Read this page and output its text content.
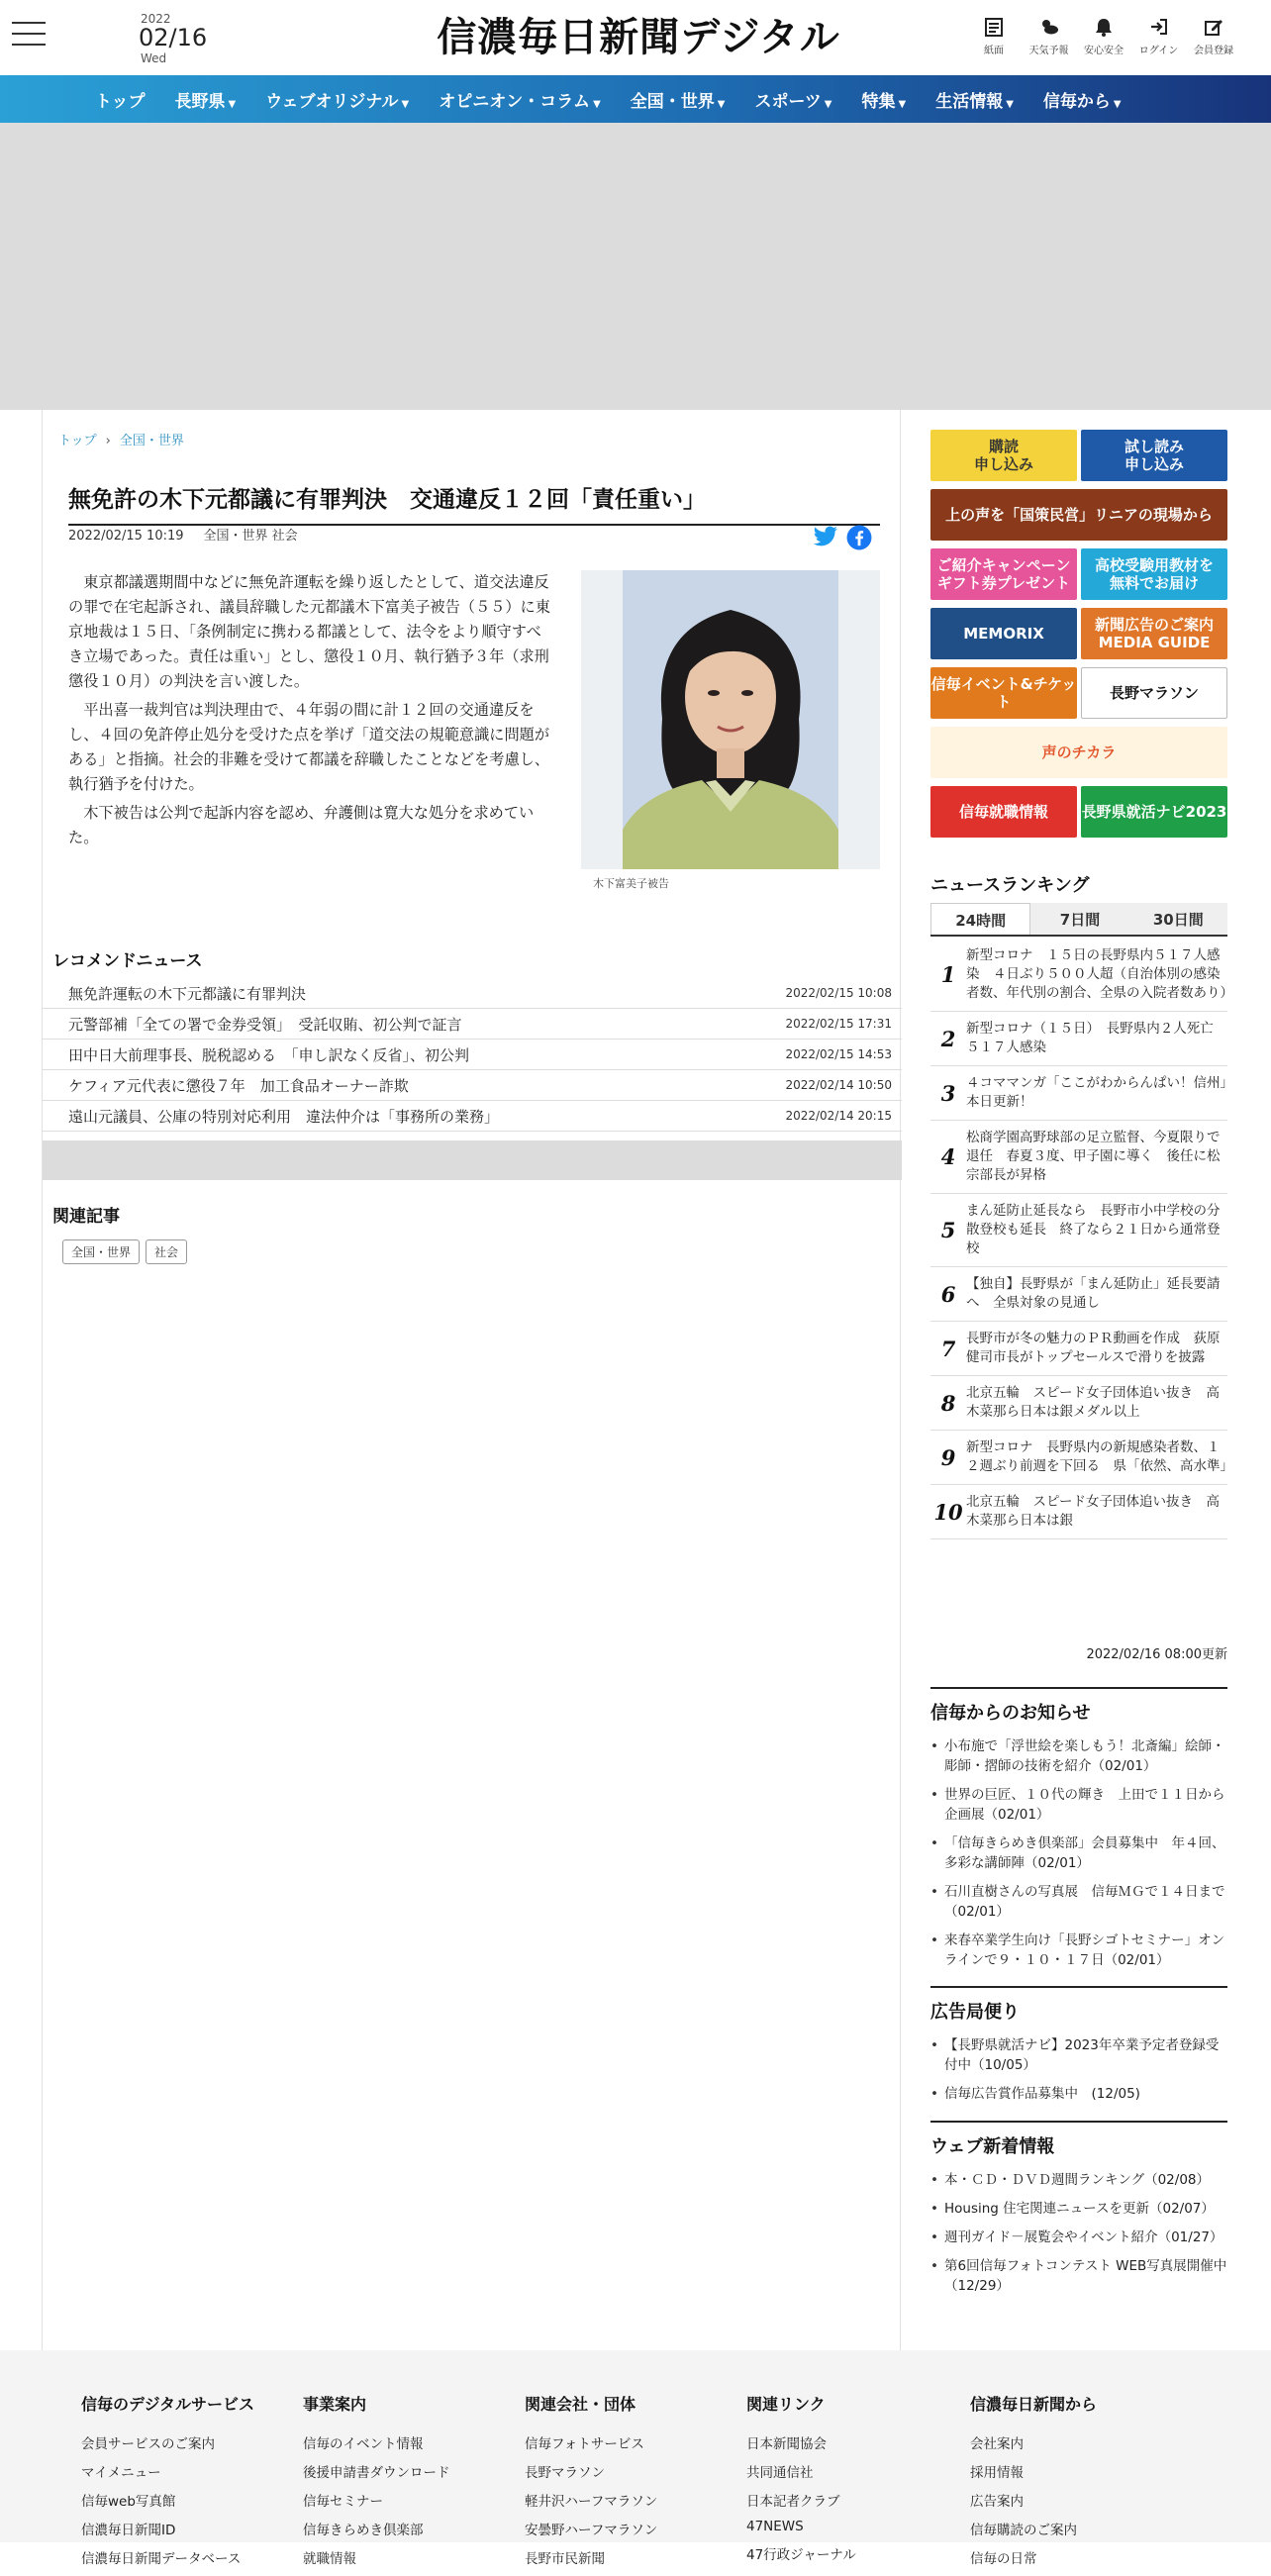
2022
02/16
Wed	信濃毎日新聞デジタル	紙面	天気予報	安心安全	ログイン	会員登録
トップ 長野県 ▼ ウェブオリジナル ▼ オピニオン・コラム ▼ 全国・世界 ▼ スポーツ ▼ 特集 ▼ 生活情報 ▼ 信毎から ▼
トップ › 全国・世界
無免許の木下元都議に有罪判決　交通違反１２回「責任重い」
2022/02/15 10:19 全国・世界 社会

東京都議選期間中などに無免許運転を繰り返したとして、道交法違反の罪で在宅起訴され、議員辞職した元都議木下富美子被告（５５）に東京地裁は１５日、「条例制定に携わる都議として、法令をより順守すべき立場であった。責任は重い」とし、懲役１０月、執行猶予３年（求刑懲役１０月）の判決を言い渡した。

平出喜一裁判官は判決理由で、４年弱の間に計１２回の交通違反をし、４回の免許停止処分を受けた点を挙げ「道交法の規範意識に問題がある」と指摘。社会的非難を受けて都議を辞職したことなどを考慮し、執行猶予を付けた。

木下被告は公判で起訴内容を認め、弁護側は寛大な処分を求めていた。

木下富美子被告
レコメンドニュース
無免許運転の木下元都議に有罪判決	2022/02/15 10:08
元警部補「全ての署で金券受領」　受託収賄、初公判で証言	2022/02/15 17:31
田中日大前理事長、脱税認める　「申し訳なく反省」、初公判	2022/02/15 14:53
ケフィア元代表に懲役７年　加工食品オーナー詐欺	2022/02/14 10:50
遠山元議員、公庫の特別対応利用　違法仲介は「事務所の業務」	2022/02/14 20:15
関連記事
全国・世界	社会
購読
申し込み
試し読み
申し込み
上の声を「国策民営」リニアの現場から
ご紹介キャンペーン
ギフト券プレゼント
高校受験用教材を
無料でお届け
MEMORIX	新聞広告のご案内
MEDIA GUIDE
信毎イベント&チケット	長野マラソン
声のチカラ
信毎就職情報 長野県就活ナビ2023
ニュースランキング
24時間	7日間	30日間
1
新型コロナ　１５日の長野県内５１７人感染　４日ぶり５００人超（自治体別の感染者数、年代別の割合、全県の入院者数あり）
2 新型コロナ（１５日）　長野県内２人死亡　５１７人感染
3 ４コママンガ「ここがわからんぱい！信州」本日更新！
4
松商学園高野球部の足立監督、今夏限りで退任　春夏３度、甲子園に導く　後任に松宗部長が昇格
5
まん延防止延長なら　長野市小中学校の分散登校も延長　終了なら２１日から通常登校
6 【独自】長野県が「まん延防止」延長要請へ　全県対象の見通し
7 長野市が冬の魅力のＰＲ動画を作成　荻原健司市長がトップセールスで滑りを披露
8 北京五輪　スピード女子団体追い抜き　高木菜那ら日本は銀メダル以上
9 新型コロナ　長野県内の新規感染者数、１２週ぶり前週を下回る　県「依然、高水準」
10 北京五輪　スピード女子団体追い抜き　高木菜那ら日本は銀
2022/02/16 08:00更新
信毎からのお知らせ
• 小布施で「浮世絵を楽しもう！北斎編」絵師・彫師・摺師の技術を紹介（02/01）
• 世界の巨匠、１０代の輝き　上田で１１日から企画展（02/01）
• 「信毎きらめき倶楽部」会員募集中　年４回、多彩な講師陣（02/01）
• 石川直樹さんの写真展　信毎ＭＧで１４日まで（02/01）
• 来春卒業学生向け「長野シゴトセミナー」オンラインで９・１０・１７日（02/01）
広告局便り
• 【長野県就活ナビ】2023年卒業予定者登録受付中（10/05）
• 信毎広告賞作品募集中　(12/05)
ウェブ新着情報
• 本・ＣＤ・ＤＶＤ週間ランキング（02/08）
• Housing 住宅関連ニュースを更新（02/07）
• 週刊ガイド－展覧会やイベント紹介（01/27）
• 第6回信毎フォトコンテスト WEB写真展開催中（12/29）
信毎のデジタルサービス
会員サービスのご案内
マイメニュー
信毎web写真館
信濃毎日新聞ID
信濃毎日新聞データベース
事業案内
信毎のイベント情報
後援申請書ダウンロード
信毎セミナー
信毎きらめき倶楽部
就職情報
関連会社・団体
信毎フォトサービス
長野マラソン
軽井沢ハーフマラソン
安曇野ハーフマラソン
長野市民新聞
関連リンク
日本新聞協会
共同通信社
日本記者クラブ
47NEWS
47行政ジャーナル
信濃毎日新聞から
会社案内
採用情報
広告案内
信毎購読のご案内
信毎の日常
